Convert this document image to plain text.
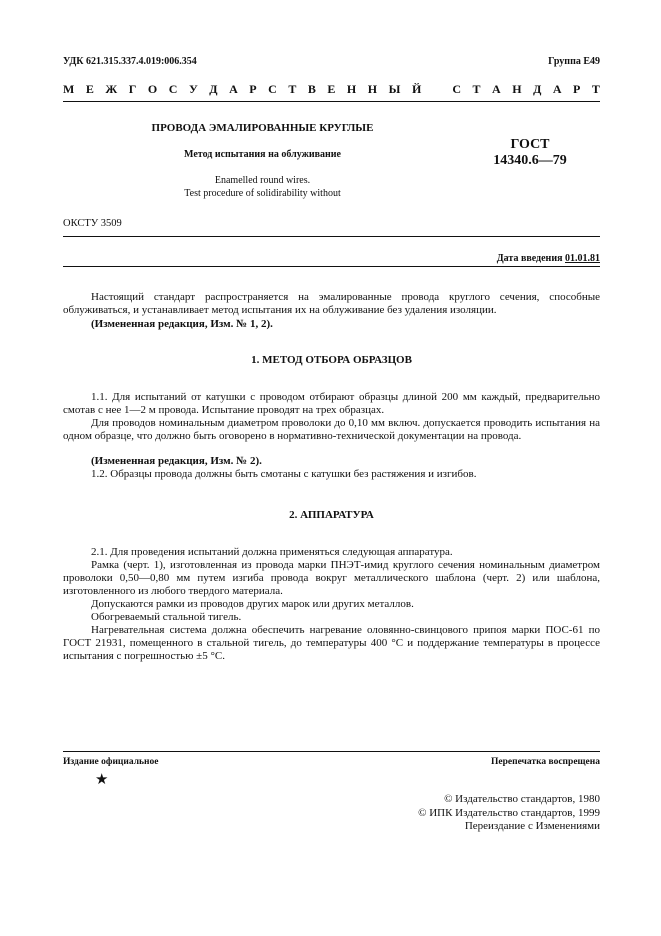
УДК 621.315.337.4.019:006.354	Группа Е49
М Е Ж Г О С У Д А Р С Т В Е Н Н Ы Й	С Т А Н Д А Р Т
ПРОВОДА ЭМАЛИРОВАННЫЕ КРУГЛЫЕ
Метод испытания на облуживание
Enamelled round wires.
Test procedure of solidirability without
ГОСТ
14340.6—79
ОКСТУ 3509
Дата введения 01.01.81
Настоящий стандарт распространяется на эмалированные провода круглого сечения, способные облуживаться, и устанавливает метод испытания их на облуживание без удаления изоляции.
(Измененная редакция, Изм. № 1, 2).
1. МЕТОД ОТБОРА ОБРАЗЦОВ
1.1. Для испытаний от катушки с проводом отбирают образцы длиной 200 мм каждый, предварительно смотав с нее 1—2 м провода. Испытание проводят на трех образцах.
Для проводов номинальным диаметром проволоки до 0,10 мм включ. допускается проводить испытания на одном образце, что должно быть оговорено в нормативно-технической документации на провода.
(Измененная редакция, Изм. № 2).
1.2. Образцы провода должны быть смотаны с катушки без растяжения и изгибов.
2. АППАРАТУРА
2.1. Для проведения испытаний должна применяться следующая аппаратура.
Рамка (черт. 1), изготовленная из провода марки ПНЭТ-имид круглого сечения номинальным диаметром проволоки 0,50—0,80 мм путем изгиба провода вокруг металлического шаблона (черт. 2) или шаблона, изготовленного из любого твердого материала.
Допускаются рамки из проводов других марок или других металлов.
Обогреваемый стальной тигель.
Нагревательная система должна обеспечить нагревание оловянно-свинцового припоя марки ПОС-61 по ГОСТ 21931, помещенного в стальной тигель, до температуры 400 °С и поддержание температуры в процессе испытания с погрешностью ±5 °С.
Издание официальное	Перепечатка воспрещена
★
© Издательство стандартов, 1980
© ИПК Издательство стандартов, 1999
Переиздание с Изменениями
